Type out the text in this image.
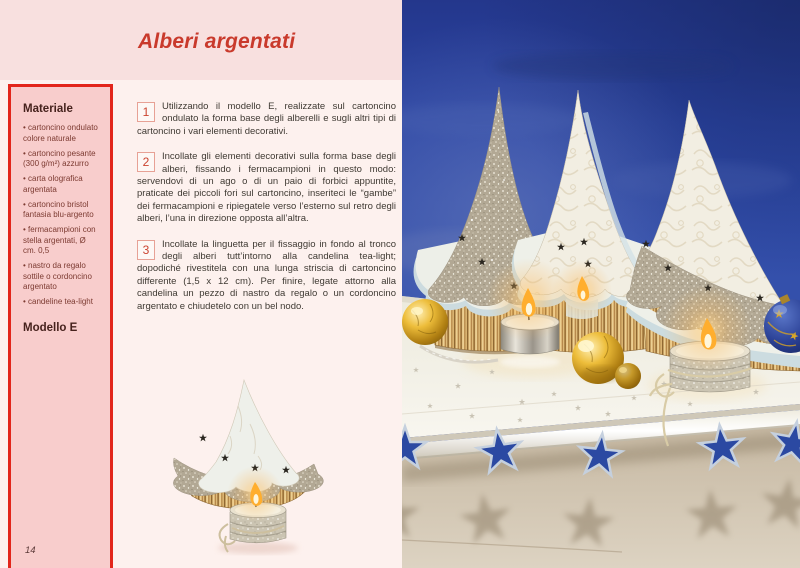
Alberi argentati
Materiale
• cartoncino ondulato colore naturale
• cartoncino pesante (300 g/m²) azzurro
• carta olografica argentata
• cartoncino bristol fantasia blu-argento
• fermacampioni con stella argentati, Ø cm. 0,5
• nastro da regalo sottile o cordoncino argentato
• candeline tea-light
Modello E
14
1	Utilizzando il modello E, realizzate sul cartoncino ondulato la forma base degli alberelli e sugli altri tipi di cartoncino i vari elementi decorativi.
2	Incollate gli elementi decorativi sulla forma base degli alberi, fissando i fermacampioni in questo modo: servendovi di un ago o di un paio di forbici appuntite, praticate dei piccoli fori sul cartoncino, inseriteci le “gambe” dei fermacampioni e ripiegatele verso l’esterno sul retro degli alberi, l’una in direzione opposta all’altra.
3	Incollate la linguetta per il fissaggio in fondo al tronco degli alberi tutt’intorno alla candelina tea-light; dopodiché rivestitela con una lunga striscia di cartoncino differente (1,5 x 12 cm). Per finire, legate attorno alla candelina un pezzo di nastro da regalo o un cordoncino argentato e chiudetelo con un bel nodo.
